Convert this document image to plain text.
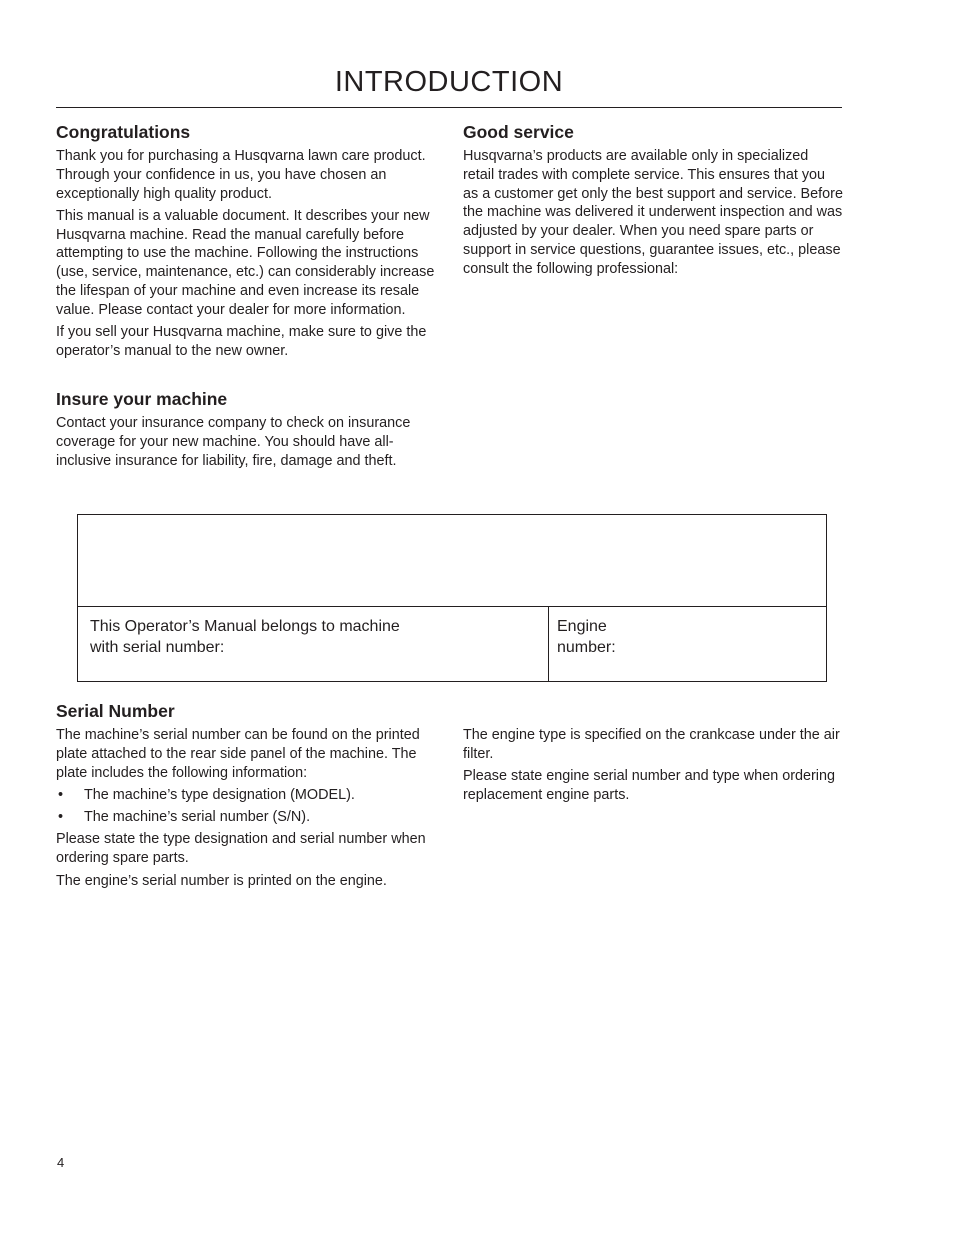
INTRODUCTION
Congratulations

Thank you for purchasing a Husqvarna lawn care product. Through your confidence in us, you have chosen an exceptionally high quality product.

This manual is a valuable document. It describes your new Husqvarna machine. Read the manual carefully before attempting to use the machine. Following the instructions (use, service, maintenance, etc.) can considerably increase the lifespan of your machine and even increase its resale value. Please contact your dealer for more information.

If you sell your Husqvarna machine, make sure to give the operator’s manual to the new owner.

Insure your machine

Contact your insurance company to check on insurance coverage for your new machine. You should have all-inclusive insurance for liability, fire, damage and theft.

Good service

Husqvarna’s products are available only in specialized retail trades with complete service. This ensures that you as a customer get only the best support and service. Before the machine was delivered it underwent inspection and was adjusted by your dealer. When you need spare parts or support in service questions, guarantee issues, etc., please consult the following professional:

This Operator’s Manual belongs to machine
with serial number:
Engine
number:
Serial Number

The machine’s serial number can be found on the printed plate attached to the rear side panel of the machine. The plate includes the following information:

• The machine’s type designation (MODEL).
• The machine’s serial number (S/N).

Please state the type designation and serial number when ordering spare parts.

The engine’s serial number is printed on the engine.

The engine type is specified on the crankcase under the air filter.

Please state engine serial number and type when ordering replacement engine parts.

4
